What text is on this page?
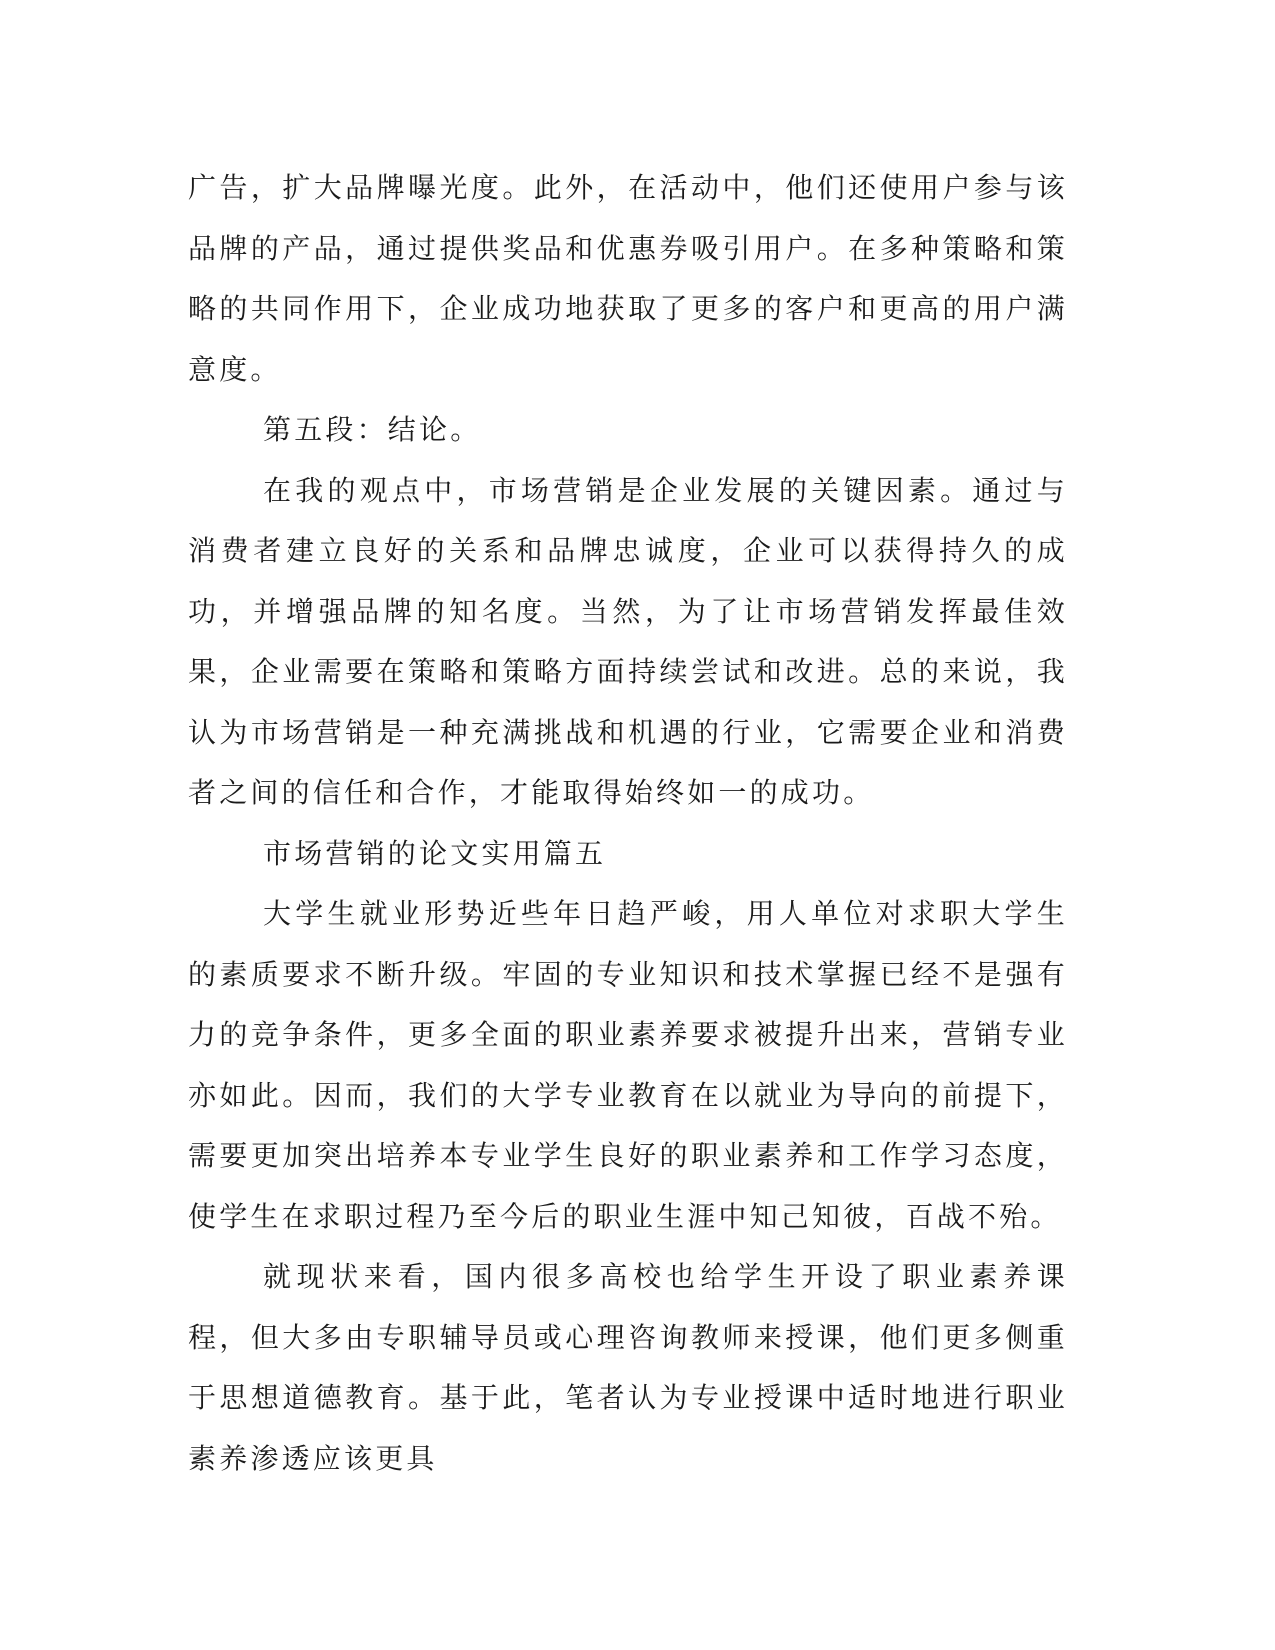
广告，扩大品牌曝光度。此外，在活动中，他们还使用户参与该品牌的产品，通过提供奖品和优惠券吸引用户。在多种策略和策略的共同作用下，企业成功地获取了更多的客户和更高的用户满意度。

第五段：结论。

在我的观点中，市场营销是企业发展的关键因素。通过与消费者建立良好的关系和品牌忠诚度，企业可以获得持久的成功，并增强品牌的知名度。当然，为了让市场营销发挥最佳效果，企业需要在策略和策略方面持续尝试和改进。总的来说，我认为市场营销是一种充满挑战和机遇的行业，它需要企业和消费者之间的信任和合作，才能取得始终如一的成功。

市场营销的论文实用篇五

大学生就业形势近些年日趋严峻，用人单位对求职大学生的素质要求不断升级。牢固的专业知识和技术掌握已经不是强有力的竞争条件，更多全面的职业素养要求被提升出来，营销专业亦如此。因而，我们的大学专业教育在以就业为导向的前提下，需要更加突出培养本专业学生良好的职业素养和工作学习态度，使学生在求职过程乃至今后的职业生涯中知己知彼，百战不殆。

就现状来看，国内很多高校也给学生开设了职业素养课程，但大多由专职辅导员或心理咨询教师来授课，他们更多侧重于思想道德教育。基于此，笔者认为专业授课中适时地进行职业素养渗透应该更具
